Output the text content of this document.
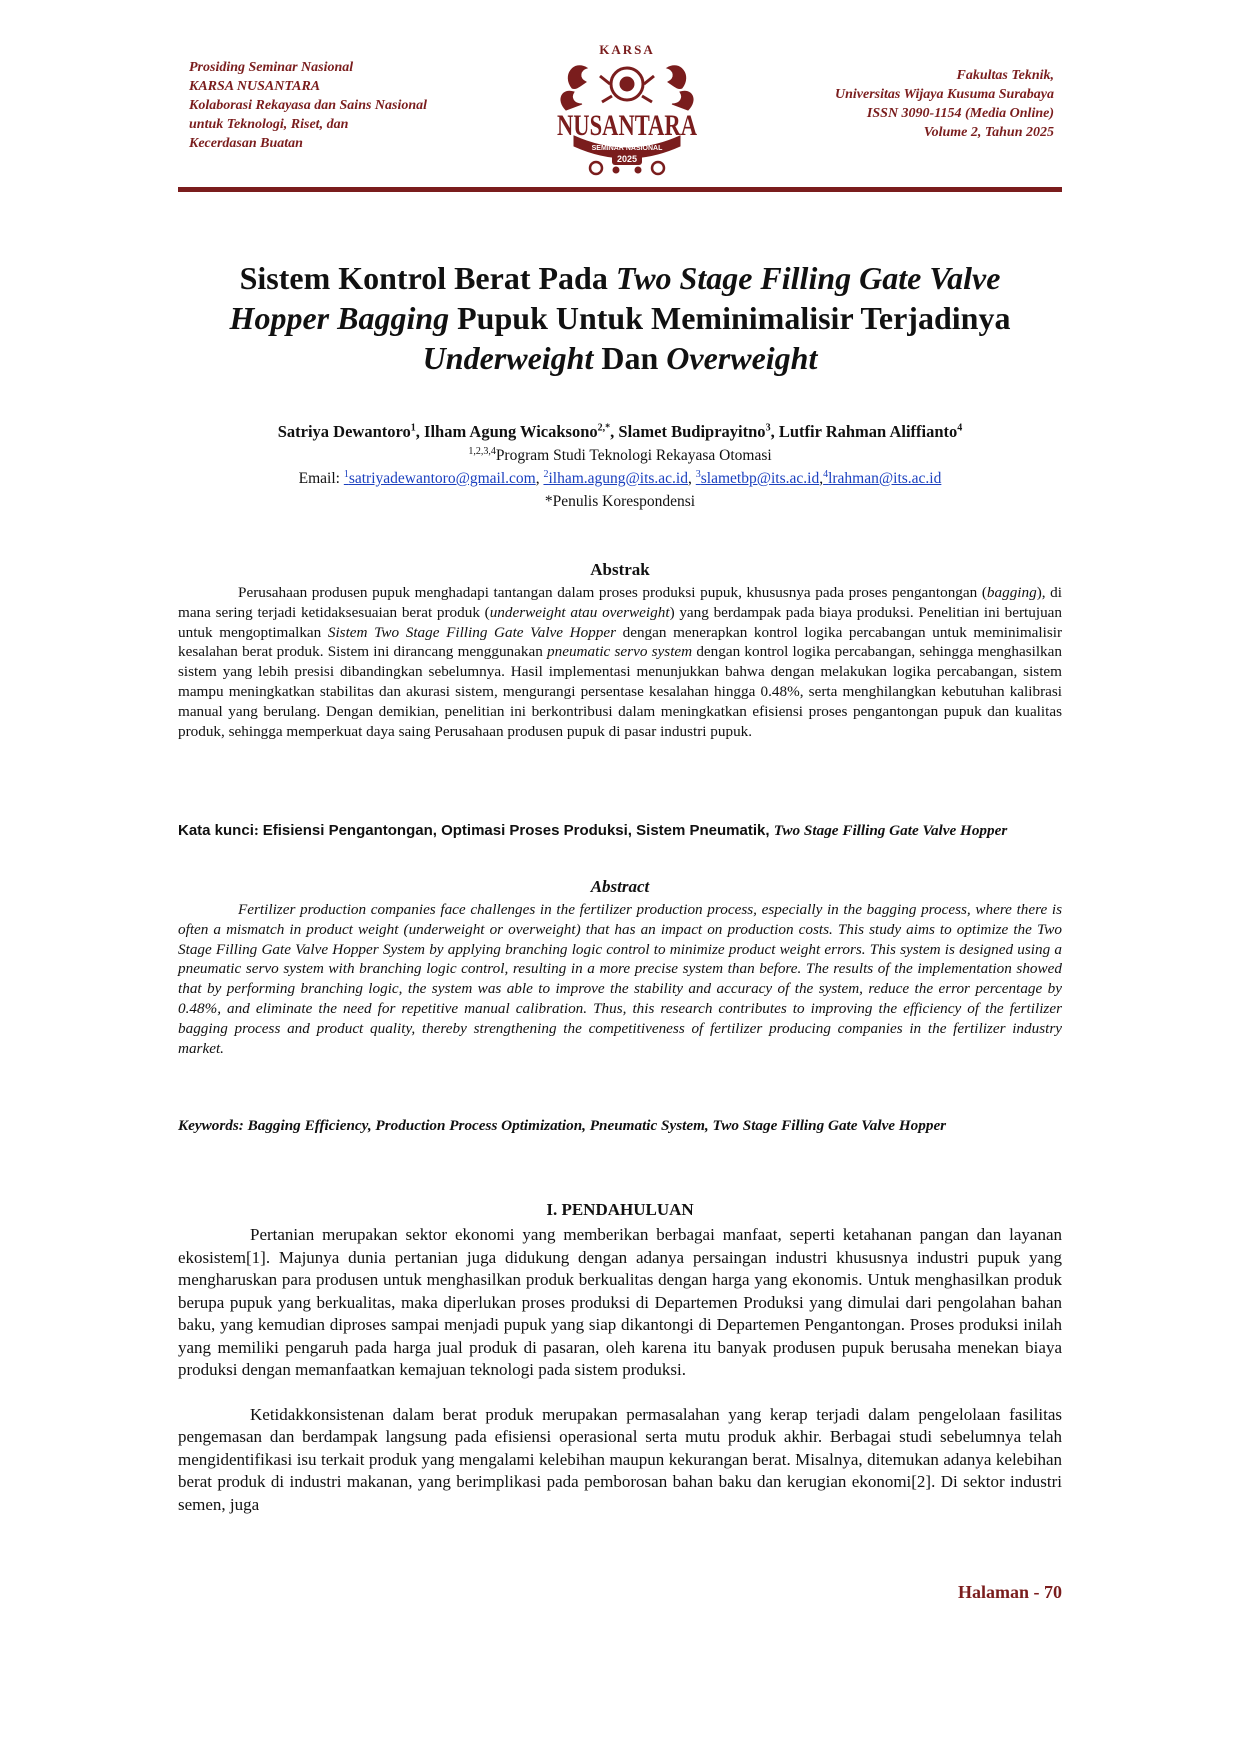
Prosiding Seminar Nasional
KARSA NUSANTARA
Kolaborasi Rekayasa dan Sains Nasional
untuk Teknologi, Riset, dan
Kecerdasan Buatan
KARSA
NUSANTARA
SEMINAR NASIONAL
2025
Fakultas Teknik,
Universitas Wijaya Kusuma Surabaya
ISSN 3090-1154 (Media Online)
Volume 2, Tahun 2025
Sistem Kontrol Berat Pada Two Stage Filling Gate Valve
Hopper Bagging Pupuk Untuk Meminimalisir Terjadinya
Underweight Dan Overweight
Satriya Dewantoro$^1$, Ilham Agung Wicaksono$^{2,*}$, Slamet Budiprayitno$^3$, Lutfir Rahman Aliffianto$^4$
$^{1,2,3,4}$Program Studi Teknologi Rekayasa Otomasi
Email: $^1$satriyadewantoro@gmail.com, $^2$ilham.agung@its.ac.id, $^3$slametbp@its.ac.id,$^4$lrahman@its.ac.id
*Penulis Korespondensi
Abstrak

Perusahaan produsen pupuk menghadapi tantangan dalam proses produksi pupuk, khususnya pada proses pengantongan (bagging), di mana sering terjadi ketidaksesuaian berat produk (underweight atau overweight) yang berdampak pada biaya produksi. Penelitian ini bertujuan untuk mengoptimalkan Sistem Two Stage Filling Gate Valve Hopper dengan menerapkan kontrol logika percabangan untuk meminimalisir kesalahan berat produk. Sistem ini dirancang menggunakan pneumatic servo system dengan kontrol logika percabangan, sehingga menghasilkan sistem yang lebih presisi dibandingkan sebelumnya. Hasil implementasi menunjukkan bahwa dengan melakukan logika percabangan, sistem mampu meningkatkan stabilitas dan akurasi sistem, mengurangi persentase kesalahan hingga 0.48%, serta menghilangkan kebutuhan kalibrasi manual yang berulang. Dengan demikian, penelitian ini berkontribusi dalam meningkatkan efisiensi proses pengantongan pupuk dan kualitas produk, sehingga memperkuat daya saing Perusahaan produsen pupuk di pasar industri pupuk.

Kata kunci: Efisiensi Pengantongan, Optimasi Proses Produksi, Sistem Pneumatik, Two Stage Filling Gate Valve Hopper
Abstract

Fertilizer production companies face challenges in the fertilizer production process, especially in the bagging process, where there is often a mismatch in product weight (underweight or overweight) that has an impact on production costs. This study aims to optimize the Two Stage Filling Gate Valve Hopper System by applying branching logic control to minimize product weight errors. This system is designed using a pneumatic servo system with branching logic control, resulting in a more precise system than before. The results of the implementation showed that by performing branching logic, the system was able to improve the stability and accuracy of the system, reduce the error percentage by 0.48%, and eliminate the need for repetitive manual calibration. Thus, this research contributes to improving the efficiency of the fertilizer bagging process and product quality, thereby strengthening the competitiveness of fertilizer producing companies in the fertilizer industry market.

Keywords: Bagging Efficiency, Production Process Optimization, Pneumatic System, Two Stage Filling Gate Valve Hopper
I. PENDAHULUAN

Pertanian merupakan sektor ekonomi yang memberikan berbagai manfaat, seperti ketahanan pangan dan layanan ekosistem[1]. Majunya dunia pertanian juga didukung dengan adanya persaingan industri khususnya industri pupuk yang mengharuskan para produsen untuk menghasilkan produk berkualitas dengan harga yang ekonomis. Untuk menghasilkan produk berupa pupuk yang berkualitas, maka diperlukan proses produksi di Departemen Produksi yang dimulai dari pengolahan bahan baku, yang kemudian diproses sampai menjadi pupuk yang siap dikantongi di Departemen Pengantongan. Proses produksi inilah yang memiliki pengaruh pada harga jual produk di pasaran, oleh karena itu banyak produsen pupuk berusaha menekan biaya produksi dengan memanfaatkan kemajuan teknologi pada sistem produksi.

Ketidakkonsistenan dalam berat produk merupakan permasalahan yang kerap terjadi dalam pengelolaan fasilitas pengemasan dan berdampak langsung pada efisiensi operasional serta mutu produk akhir. Berbagai studi sebelumnya telah mengidentifikasi isu terkait produk yang mengalami kelebihan maupun kekurangan berat. Misalnya, ditemukan adanya kelebihan berat produk di industri makanan, yang berimplikasi pada pemborosan bahan baku dan kerugian ekonomi[2]. Di sektor industri semen, juga

Halaman - 70
